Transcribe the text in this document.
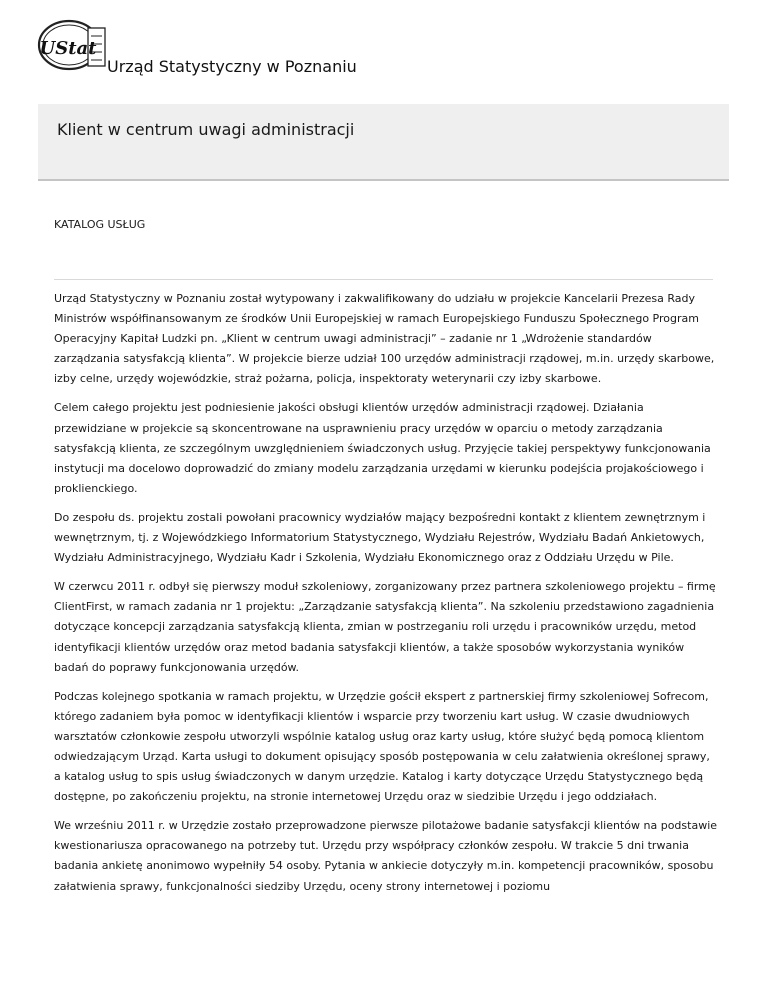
UStat
Urząd Statystyczny w Poznaniu
Klient w centrum uwagi administracji
KATALOG USŁUG

Urząd Statystyczny w Poznaniu został wytypowany i zakwalifikowany do udziału w projekcie Kancelarii Prezesa Rady Ministrów współfinansowanym ze środków Unii Europejskiej w ramach Europejskiego Funduszu Społecznego Program Operacyjny Kapitał Ludzki pn. „Klient w centrum uwagi administracji” – zadanie nr 1 „Wdrożenie standardów zarządzania satysfakcją klienta”. W projekcie bierze udział 100 urzędów administracji rządowej, m.in. urzędy skarbowe, izby celne, urzędy wojewódzkie, straż pożarna, policja, inspektoraty weterynarii czy izby skarbowe.

Celem całego projektu jest podniesienie jakości obsługi klientów urzędów administracji rządowej. Działania przewidziane w projekcie są skoncentrowane na usprawnieniu pracy urzędów w oparciu o metody zarządzania satysfakcją klienta, ze szczególnym uwzględnieniem świadczonych usług. Przyjęcie takiej perspektywy funkcjonowania instytucji ma docelowo doprowadzić do zmiany modelu zarządzania urzędami w kierunku podejścia projakościowego i proklienckiego.

Do zespołu ds. projektu zostali powołani pracownicy wydziałów mający bezpośredni kontakt z klientem zewnętrznym i wewnętrznym, tj. z Wojewódzkiego Informatorium Statystycznego, Wydziału Rejestrów, Wydziału Badań Ankietowych, Wydziału Administracyjnego, Wydziału Kadr i Szkolenia, Wydziału Ekonomicznego oraz z Oddziału Urzędu w Pile.

W czerwcu 2011 r. odbył się pierwszy moduł szkoleniowy, zorganizowany przez partnera szkoleniowego projektu – firmę ClientFirst, w ramach zadania nr 1 projektu: „Zarządzanie satysfakcją klienta”. Na szkoleniu przedstawiono zagadnienia dotyczące koncepcji zarządzania satysfakcją klienta, zmian w postrzeganiu roli urzędu i pracowników urzędu, metod identyfikacji klientów urzędów oraz metod badania satysfakcji klientów, a także sposobów wykorzystania wyników badań do poprawy funkcjonowania urzędów.

Podczas kolejnego spotkania w ramach projektu, w Urzędzie gościł ekspert z partnerskiej firmy szkoleniowej Sofrecom, którego zadaniem była pomoc w identyfikacji klientów i wsparcie przy tworzeniu kart usług. W czasie dwudniowych warsztatów członkowie zespołu utworzyli wspólnie katalog usług oraz karty usług, które służyć będą pomocą klientom odwiedzającym Urząd. Karta usługi to dokument opisujący sposób postępowania w celu załatwienia określonej sprawy, a katalog usług to spis usług świadczonych w danym urzędzie. Katalog i karty dotyczące Urzędu Statystycznego będą dostępne, po zakończeniu projektu, na stronie internetowej Urzędu oraz w siedzibie Urzędu i jego oddziałach.

We wrześniu 2011 r. w Urzędzie zostało przeprowadzone pierwsze pilotażowe badanie satysfakcji klientów na podstawie kwestionariusza opracowanego na potrzeby tut. Urzędu przy współpracy członków zespołu. W trakcie 5 dni trwania badania ankietę anonimowo wypełniły 54 osoby. Pytania w ankiecie dotyczyły m.in. kompetencji pracowników, sposobu załatwienia sprawy, funkcjonalności siedziby Urzędu, oceny strony internetowej i poziomu
